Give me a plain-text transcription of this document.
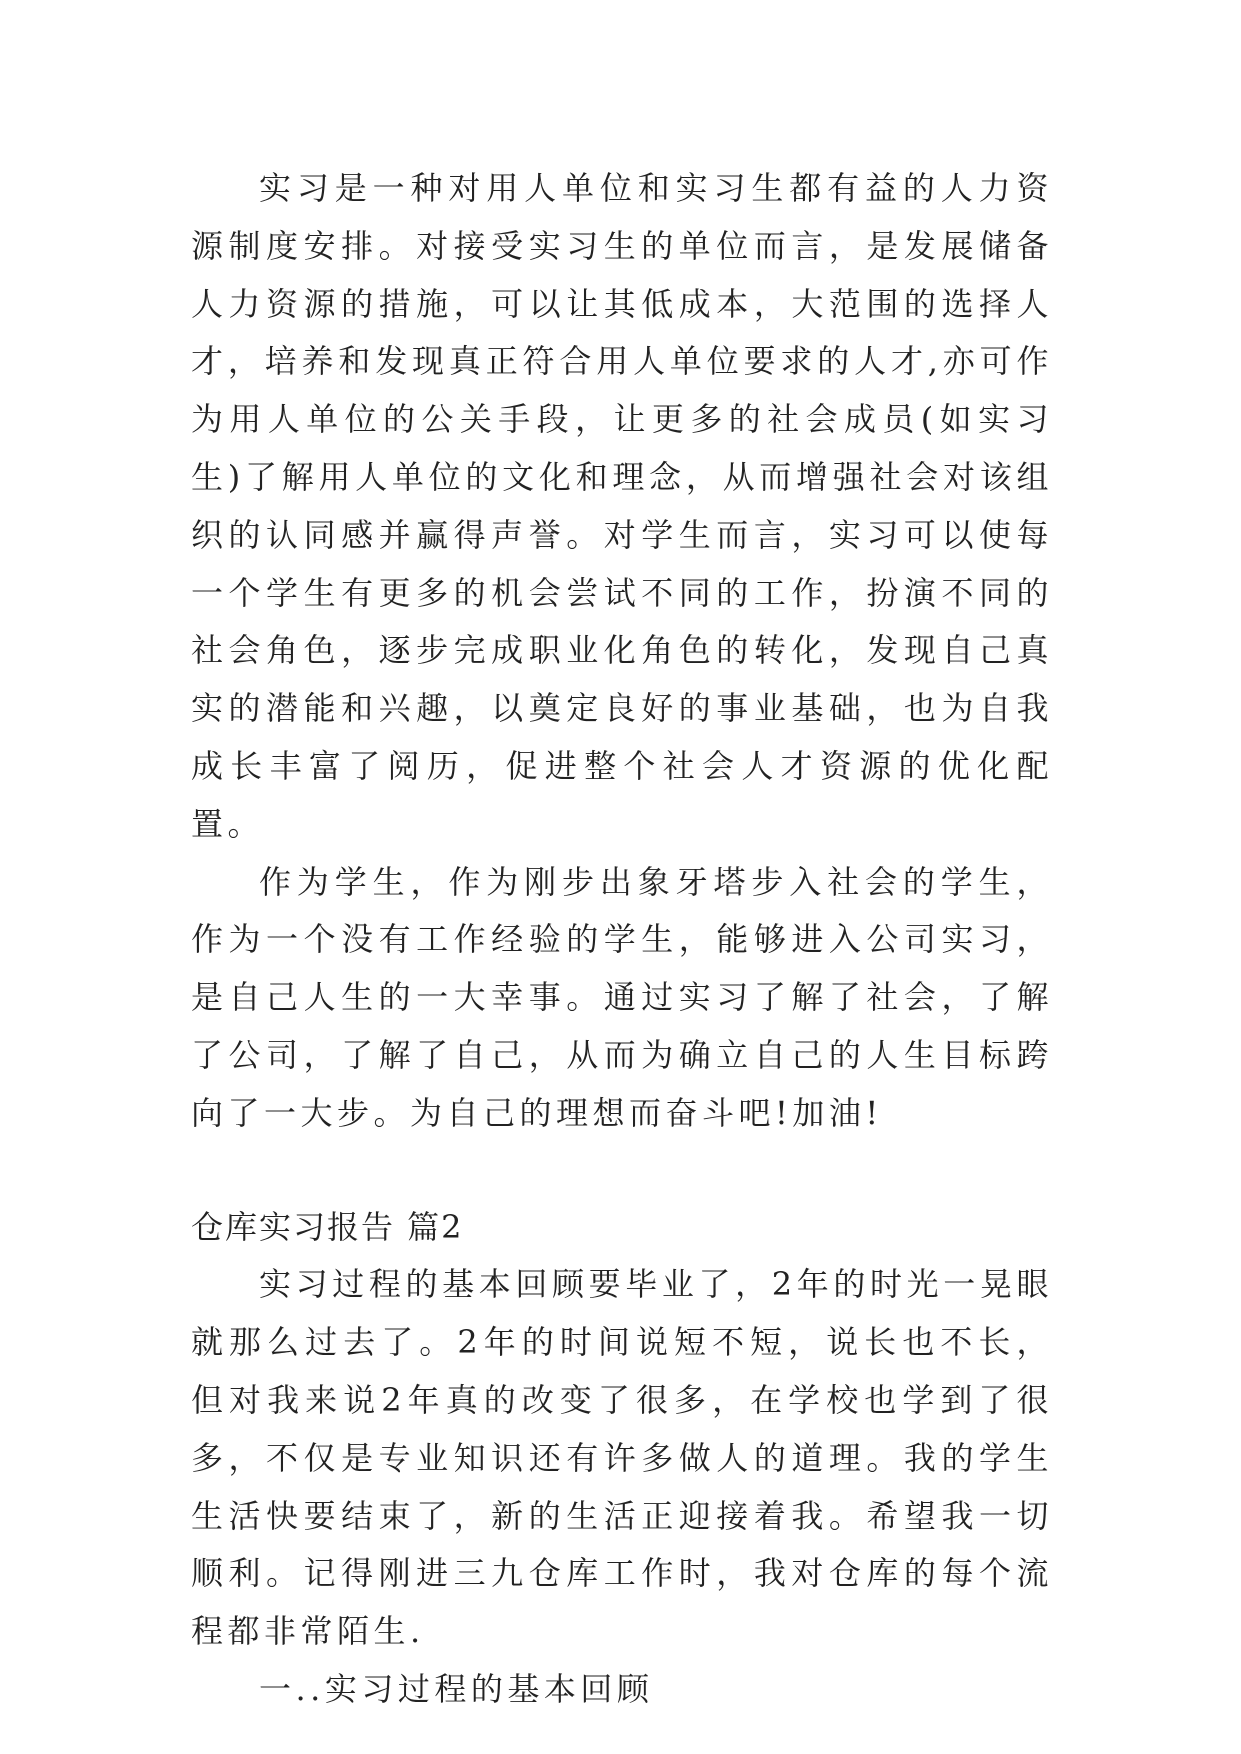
实习是一种对用人单位和实习生都有益的人力资源制度安排。对接受实习生的单位而言，是发展储备人力资源的措施，可以让其低成本，大范围的选择人才，培养和发现真正符合用人单位要求的人才,亦可作为用人单位的公关手段，让更多的社会成员(如实习生)了解用人单位的文化和理念，从而增强社会对该组织的认同感并赢得声誉。对学生而言，实习可以使每一个学生有更多的机会尝试不同的工作，扮演不同的社会角色，逐步完成职业化角色的转化，发现自己真实的潜能和兴趣，以奠定良好的事业基础，也为自我成长丰富了阅历，促进整个社会人才资源的优化配置。

作为学生，作为刚步出象牙塔步入社会的学生，作为一个没有工作经验的学生，能够进入公司实习，是自己人生的一大幸事。通过实习了解了社会，了解了公司，了解了自己，从而为确立自己的人生目标跨向了一大步。为自己的理想而奋斗吧!加油!

仓库实习报告 篇2

实习过程的基本回顾要毕业了，2年的时光一晃眼就那么过去了。2年的时间说短不短，说长也不长，但对我来说2年真的改变了很多，在学校也学到了很多，不仅是专业知识还有许多做人的道理。我的学生生活快要结束了，新的生活正迎接着我。希望我一切顺利。记得刚进三九仓库工作时，我对仓库的每个流程都非常陌生.

一..实习过程的基本回顾
